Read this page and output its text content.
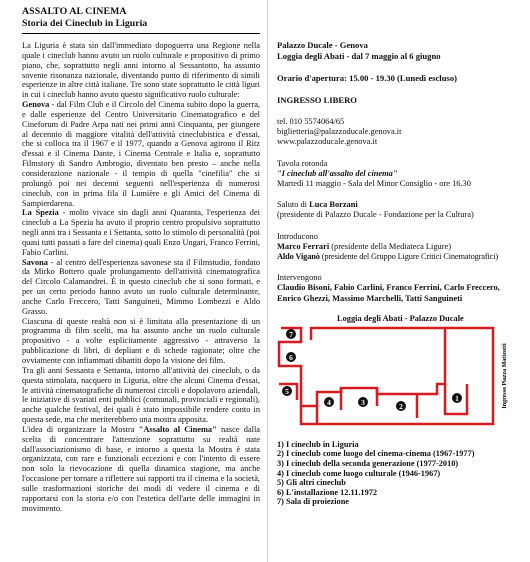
ASSALTO AL CINEMA
Storia dei Cineclub in Liguria

La Liguria è stata sin dall'immediato dopoguerra una Regione nella quale i cineclub hanno avuto un ruolo culturale e propositivo di primo piano, che, soprattutto negli anni intorno al Sessantotto, ha assunto sovente risonanza nazionale, diventando punto di riferimento di simili esperienze in altre città italiane. Tre sono state soprattutto le città liguri in cui i cineclub hanno avuto questo significativo ruolo culturale:

Genova - dal Film Club e il Circolo del Cinema subito dopo la guerra, e dalle esperienze del Centro Universitario Cinematografico e del Cineforum di Padre Arpa nati nei primi anni Cinquanta, per giungere al decennio di maggiore vitalità dell'attività cineclubistica e d'essai, che si colloca tra il 1967 e il 1977, quando a Genova agirono il Ritz d'essai e il Cinema Dante, i Cinema Centrale e Italia e, soprattutto Filmstory di Sandro Ambrogio, diventato ben presto – anche nella considerazione nazionale - il tempio di quella "cinefilia" che si prolungò poi nei decenni seguenti nell'esperienza di numerosi cineclub, con in prima fila il Lumière e gli Amici del Cinema di Sampierdarena.

La Spezia - molto vivace sin dagli anni Quaranta, l'esperienza dei cineclub a La Spezia ha avuto il proprio centro propulsivo soprattutto negli anni tra i Sessanta e i Settanta, sotto lo stimolo di personalità (poi quasi tutti passati a fare del cinema) quali Enzo Ungari, Franco Ferrini, Fabio Carlini.

Savona - al centro dell'esperienza savonese sta il Filmstudio, fondato da Mirko Bottero quale prolungamento dell'attività cinematografica del Circolo Calamandrei. È in questo cineclub che si sono formati, e per un certo periodo hanno avuto un ruolo culturale determinante, anche Carlo Freccero, Tatti Sanguineti, Mimmo Lombezzi e Aldo Grasso.

Ciascuna di queste realtà non si è limitata alla presentazione di un programma di film scelti, ma ha assunto anche un ruolo culturale propositivo - a volte esplicitamente aggressivo - attraverso la pubblicazione di libri, di depliant e di schede ragionate; oltre che ovviamente con infiammati dibattiti dopo la visione dei film.

Tra gli anni Sessanta e Settanta, intorno all'attività dei cineclub, o da questa stimolata, nacquero in Liguria, oltre che alcuni Cinema d'essai, le attività cinematografiche di numerosi circoli e dopolavoro aziendali, le iniziative di svariati enti pubblici (comunali, provinciali e regionali), anche qualche festival, dei quali è stato impossibile rendere conto in questa sede, ma che meriterebbero una mostra apposita.

L'idea di organizzare la Mostra "Assalto al Cinema" nasce dalla scelta di concentrare l'attenzione soprattutto su realtà nate dall'associazionismo di base, e intorno a questa la Mostra è stata organizzata, con rare e funzionali eccezioni e con l'intento di essere non solo la rievocazione di quella dinamica stagione, ma anche l'occasione per tornare a riflettere sui rapporti tra il cinema e la società, sulle trasformazioni storiche dei modi di vedere il cinema e di rapportarsi con la storia e/o con l'estetica dell'arte delle immagini in movimento.

Palazzo Ducale - Genova
Loggia degli Abati - dal 7 maggio al 6 giugno
Orario d'apertura: 15.00 - 19.30 (Lunedì escluso)
INGRESSO LIBERO
tel. 010 5574064/65
biglietteria@palazzoducale.genova.it
www.palazzoducale.genova.it
Tavola rotonda
"I cineclub all'assalto del cinema"
Martedì 11 maggio - Sala del Minor Consiglio - ore 16.30
Saluto di Luca Borzani
(presidente di Palazzo Ducale - Fondazione per la Cultura)
Introducono
Marco Ferrari (presidente della Mediateca Ligure)
Aldo Viganò (presidente del Gruppo Ligure Critici Cinematografici)
Intervengono
Claudio Bisoni, Fabio Carlini, Franco Ferrini, Carlo Freccero, Enrico Ghezzi, Massimo Marchelli, Tatti Sanguineti
Loggia degli Abati - Palazzo Ducale
7
6
5
4	3	2
1	Ingresso Piazza Matteotti
1) I cineclub in Liguria
2) I cineclub come luogo del cinema-cinema (1967-1977)
3) I cineclub della seconda generazione (1977-2010)
4) I cineclub come luogo culturale (1946-1967)
5) Gli altri cineclub
6) L'installazione 12.11.1972
7) Sala di proiezione
